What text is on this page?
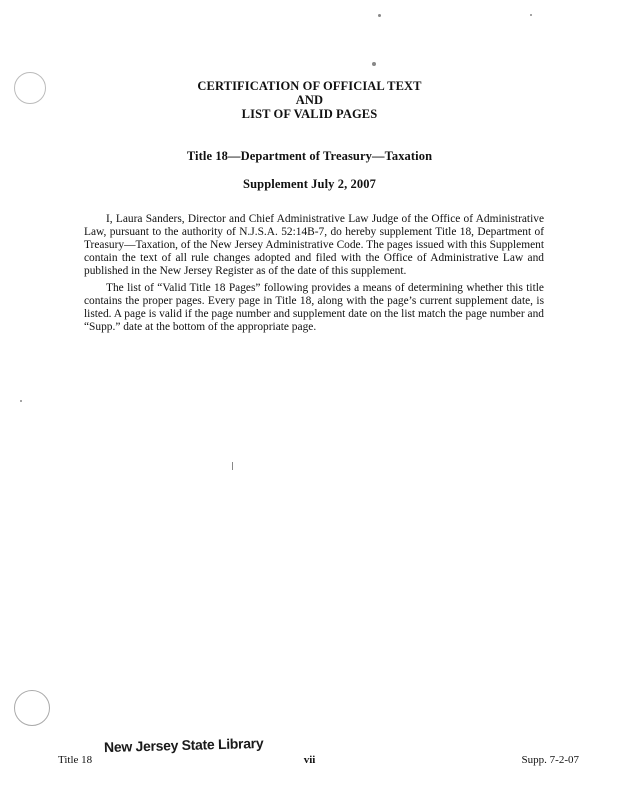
CERTIFICATION OF OFFICIAL TEXT
AND
LIST OF VALID PAGES
Title 18—Department of Treasury—Taxation
Supplement July 2, 2007

I, Laura Sanders, Director and Chief Administrative Law Judge of the Office of Administrative Law, pursuant to the authority of N.J.S.A. 52:14B-7, do hereby supplement Title 18, Department of Treasury—Taxation, of the New Jersey Administrative Code. The pages issued with this Supplement contain the text of all rule changes adopted and filed with the Office of Administrative Law and published in the New Jersey Register as of the date of this supplement.

The list of “Valid Title 18 Pages” following provides a means of determining whether this title contains the proper pages. Every page in Title 18, along with the page’s current supplement date, is listed. A page is valid if the page number and supplement date on the list match the page number and “Supp.” date at the bottom of the appropriate page.

New Jersey State Library
Title 18	vii	Supp. 7-2-07
